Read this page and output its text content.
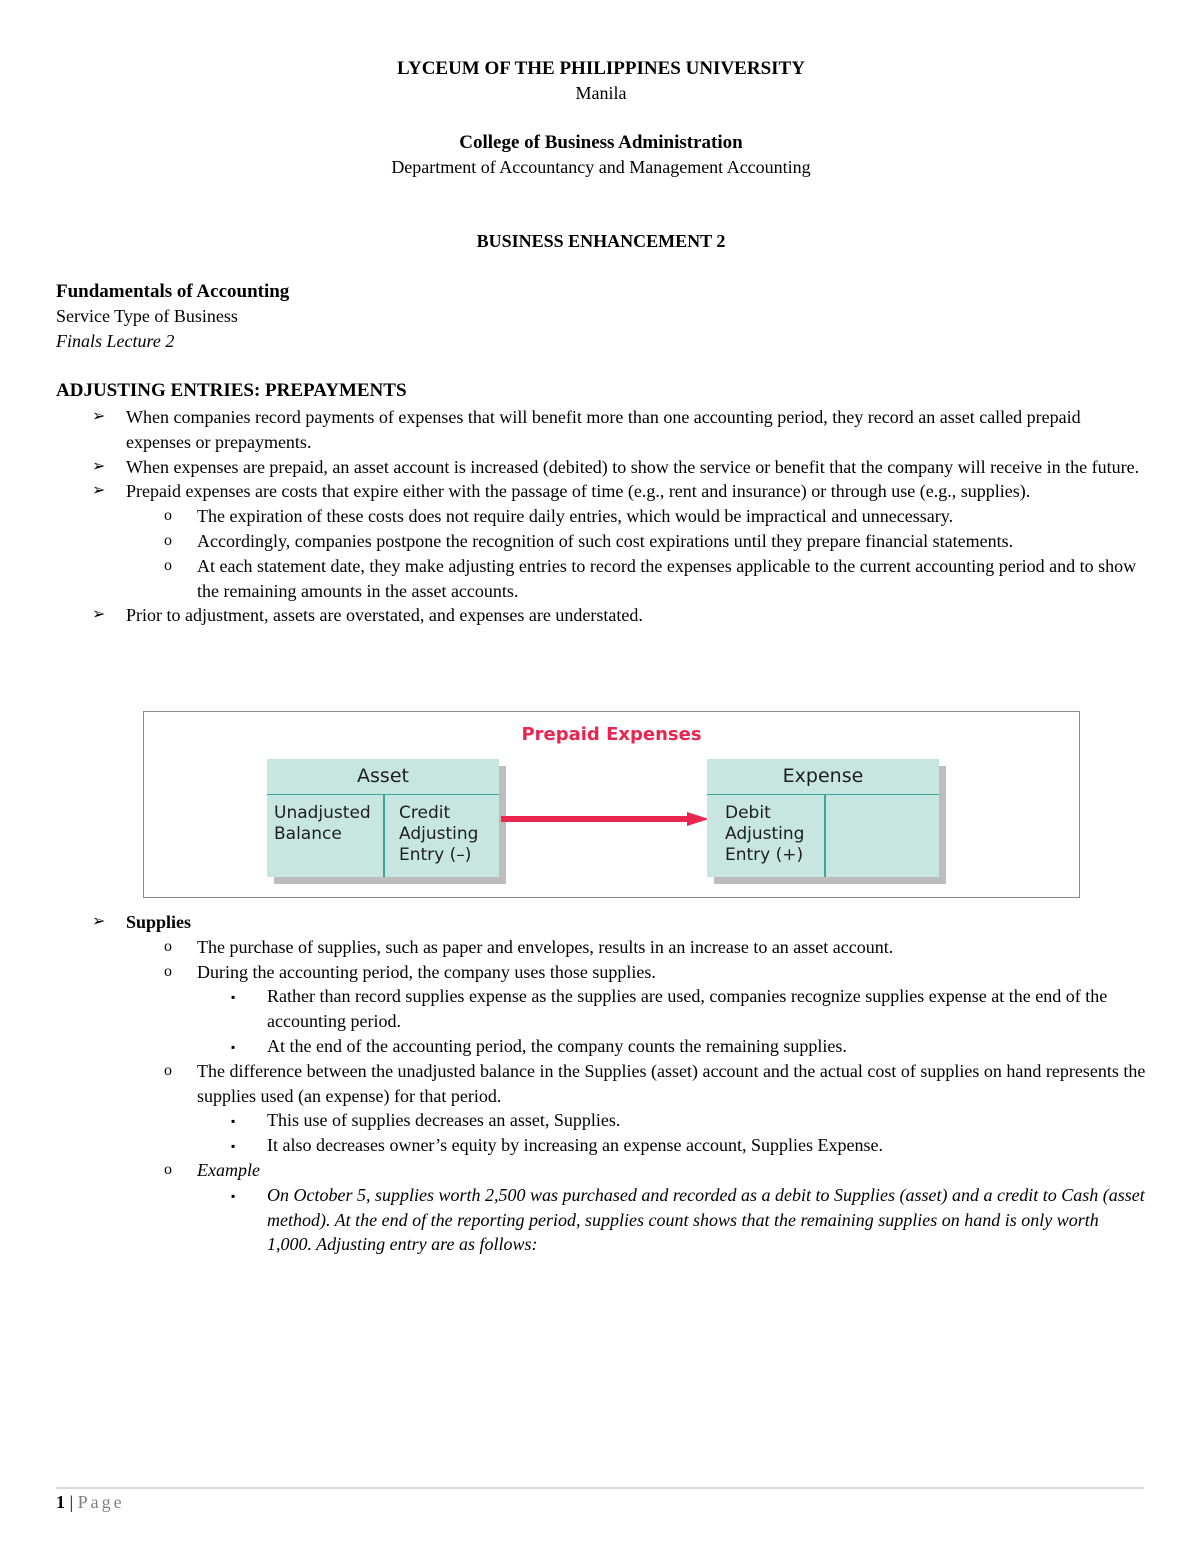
LYCEUM OF THE PHILIPPINES UNIVERSITY
Manila
College of Business Administration
Department of Accountancy and Management Accounting
BUSINESS ENHANCEMENT 2
Fundamentals of Accounting
Service Type of Business
Finals Lecture 2
ADJUSTING ENTRIES: PREPAYMENTS
➢ When companies record payments of expenses that will benefit more than one accounting period, they record an asset called prepaid expenses or prepayments.
➢ When expenses are prepaid, an asset account is increased (debited) to show the service or benefit that the company will receive in the future.
➢ Prepaid expenses are costs that expire either with the passage of time (e.g., rent and insurance) or through use (e.g., supplies).
o The expiration of these costs does not require daily entries, which would be impractical and unnecessary.
o Accordingly, companies postpone the recognition of such cost expirations until they prepare financial statements.
o At each statement date, they make adjusting entries to record the expenses applicable to the current accounting period and to show the remaining amounts in the asset accounts.
➢ Prior to adjustment, assets are overstated, and expenses are understated.
Prepaid Expenses
Asset
Unadjusted
Balance
Credit
Adjusting
Entry (–)
Expense
Debit
Adjusting
Entry (+)
➢ Supplies
o The purchase of supplies, such as paper and envelopes, results in an increase to an asset account.
o During the accounting period, the company uses those supplies.
▪ Rather than record supplies expense as the supplies are used, companies recognize supplies expense at the end of the accounting period.
▪ At the end of the accounting period, the company counts the remaining supplies.
o The difference between the unadjusted balance in the Supplies (asset) account and the actual cost of supplies on hand represents the supplies used (an expense) for that period.
▪ This use of supplies decreases an asset, Supplies.
▪ It also decreases owner’s equity by increasing an expense account, Supplies Expense.
o Example
▪ On October 5, supplies worth 2,500 was purchased and recorded as a debit to Supplies (asset) and a credit to Cash (asset method). At the end of the reporting period, supplies count shows that the remaining supplies on hand is only worth 1,000. Adjusting entry are as follows:
1 | Page
